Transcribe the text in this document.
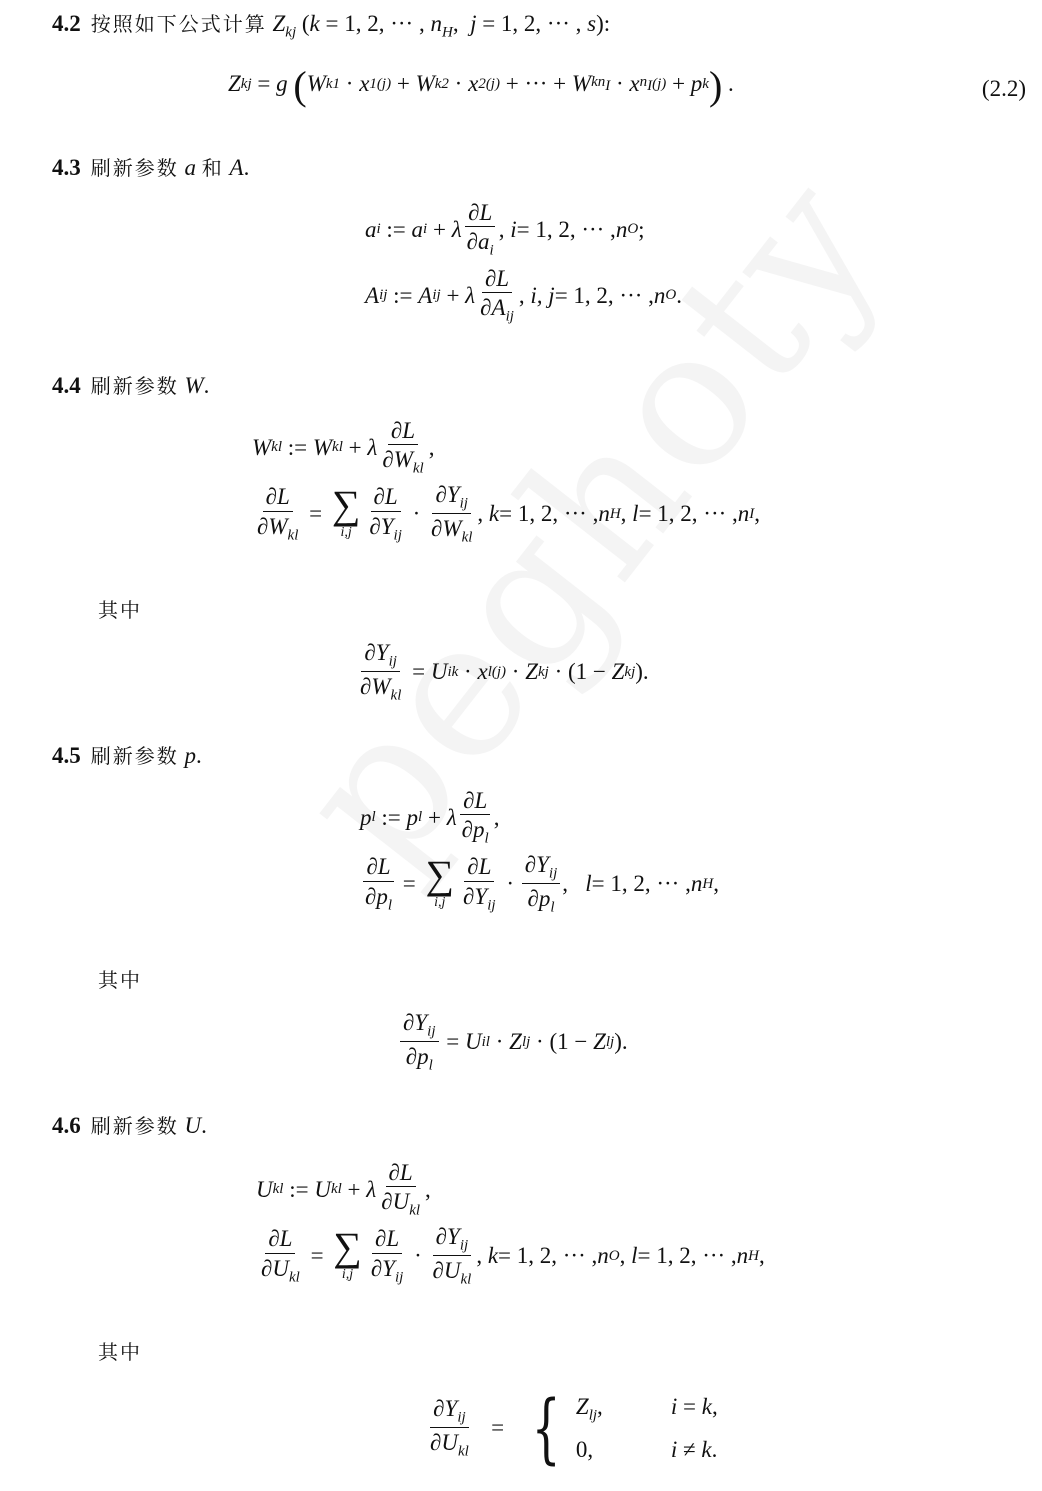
4.2 按照如下公式计算 $Z_{kj}$ (k = 1, 2, ··· , $n_H$,  j = 1, 2, ··· , s):
Z kj
= g ( W k1 · x 1 (j) + W k2 · x 2 (j) + ··· + W $kn_I \cdot x$ $n_I$ (j) + p k ) .	(2.2)
4.3 刷新参数 a 和 A.
a i
:= a i + λ $\frac{\partial L}{\partial a_i}$ , i = 1, 2, ··· , n O ;
A ij
:= A ij + λ $\frac{\partial L}{\partial A_{ij}}$ , i, j = 1, 2, ··· , n O .
4.4 刷新参数 W.
W kl
:= W kl + λ $\frac{\partial L}{\partial W_{kl}}$ ,
$\frac{\partial L}{\partial W_{kl}}$ = ∑
$i,j \frac{\partial L}{\partial Y_{ij}} \cdot \frac{\partial Y_{ij}}{\partial W_{kl}}$ , k = 1, 2, ··· , n H , l = 1, 2, ··· , n I ,
其中
$\frac{\partial Y_{ij}}{\partial W_{kl}} = U$ ik · x l (j) · Z kj · (1 − Z kj ).
4.5 刷新参数 p.
p l
:= p l + λ $\frac{\partial L}{\partial p_l}$ ,
$\frac{\partial L}{\partial p_l}$ = ∑
$i,j \frac{\partial L}{\partial Y_{ij}} \cdot \frac{\partial Y_{ij}}{\partial p_l}$ , l = 1, 2, ··· , n H ,
其中
$\frac{\partial Y_{ij}}{\partial p_l} = U$ il · Z lj · (1 − Z lj ).
4.6 刷新参数 U.
U kl
:= U kl + λ $\frac{\partial L}{\partial U_{kl}}$ ,
$\frac{\partial L}{\partial U_{kl}}$ = ∑
$i,j \frac{\partial L}{\partial Y_{ij}} \cdot \frac{\partial Y_{ij}}{\partial U_{kl}}$ , k = 1, 2, ··· , n O , l = 1, 2, ··· , n H ,
其中
$\frac{\partial Y_{ij}}{\partial U_{kl}}$ = { $Z_{lj}$,	i = k,
0,	i ≠ k.
